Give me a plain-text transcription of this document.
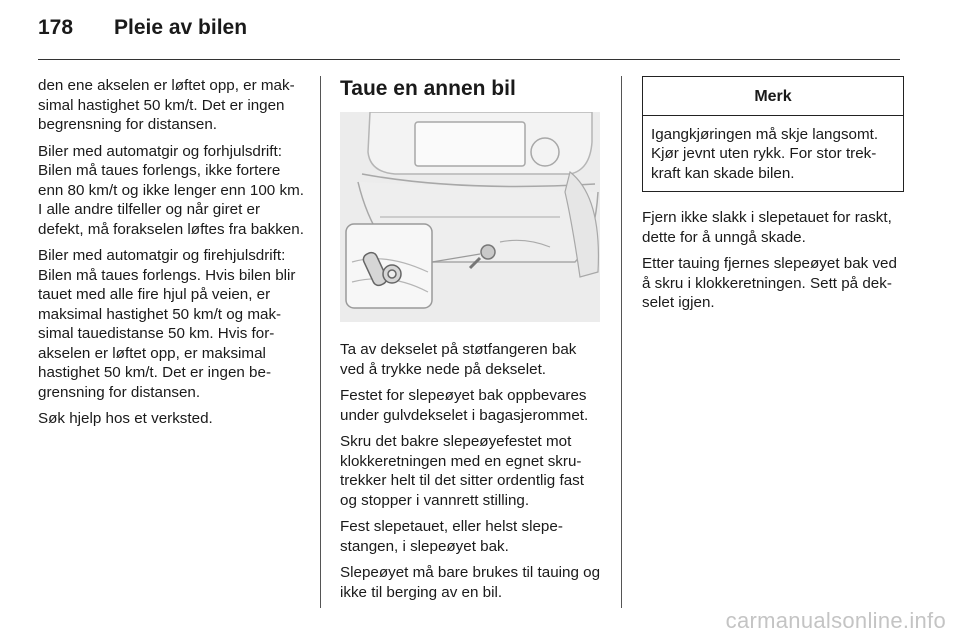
178	Pleie av bilen

den ene akselen er løftet opp, er maksimal hastighet 50 km/t. Det er ingen begrensning for distansen.

Biler med automatgir og forhjulsdrift: Bilen må taues forlengs, ikke fortere enn 80 km/t og ikke lenger enn 100 km. I alle andre tilfeller og når giret er defekt, må forakselen løftes fra bakken.

Biler med automatgir og firehjulsdrift: Bilen må taues forlengs. Hvis bilen blir tauet med alle fire hjul på veien, er maksimal hastighet 50 km/t og maksimal tauedistanse 50 km. Hvis forakselen er løftet opp, er maksimal hastighet 50 km/t. Det er ingen begrensning for distansen.

Søk hjelp hos et verksted.

Taue en annen bil

Ta av dekselet på støtfangeren bak ved å trykke nede på dekselet.

Festet for slepeøyet bak oppbevares under gulvdekselet i bagasjerommet.

Skru det bakre slepeøyefestet mot klokkeretningen med en egnet skrutrekker helt til det sitter ordentlig fast og stopper i vannrett stilling.

Fest slepetauet, eller helst slepestangen, i slepeøyet bak.

Slepeøyet må bare brukes til tauing og ikke til berging av en bil.

Merk

Igangkjøringen må skje langsomt. Kjør jevnt uten rykk. For stor trekkraft kan skade bilen.

Fjern ikke slakk i slepetauet for raskt, dette for å unngå skade.

Etter tauing fjernes slepeøyet bak ved å skru i klokkeretningen. Sett på dekselet igjen.

carmanualsonline.info
